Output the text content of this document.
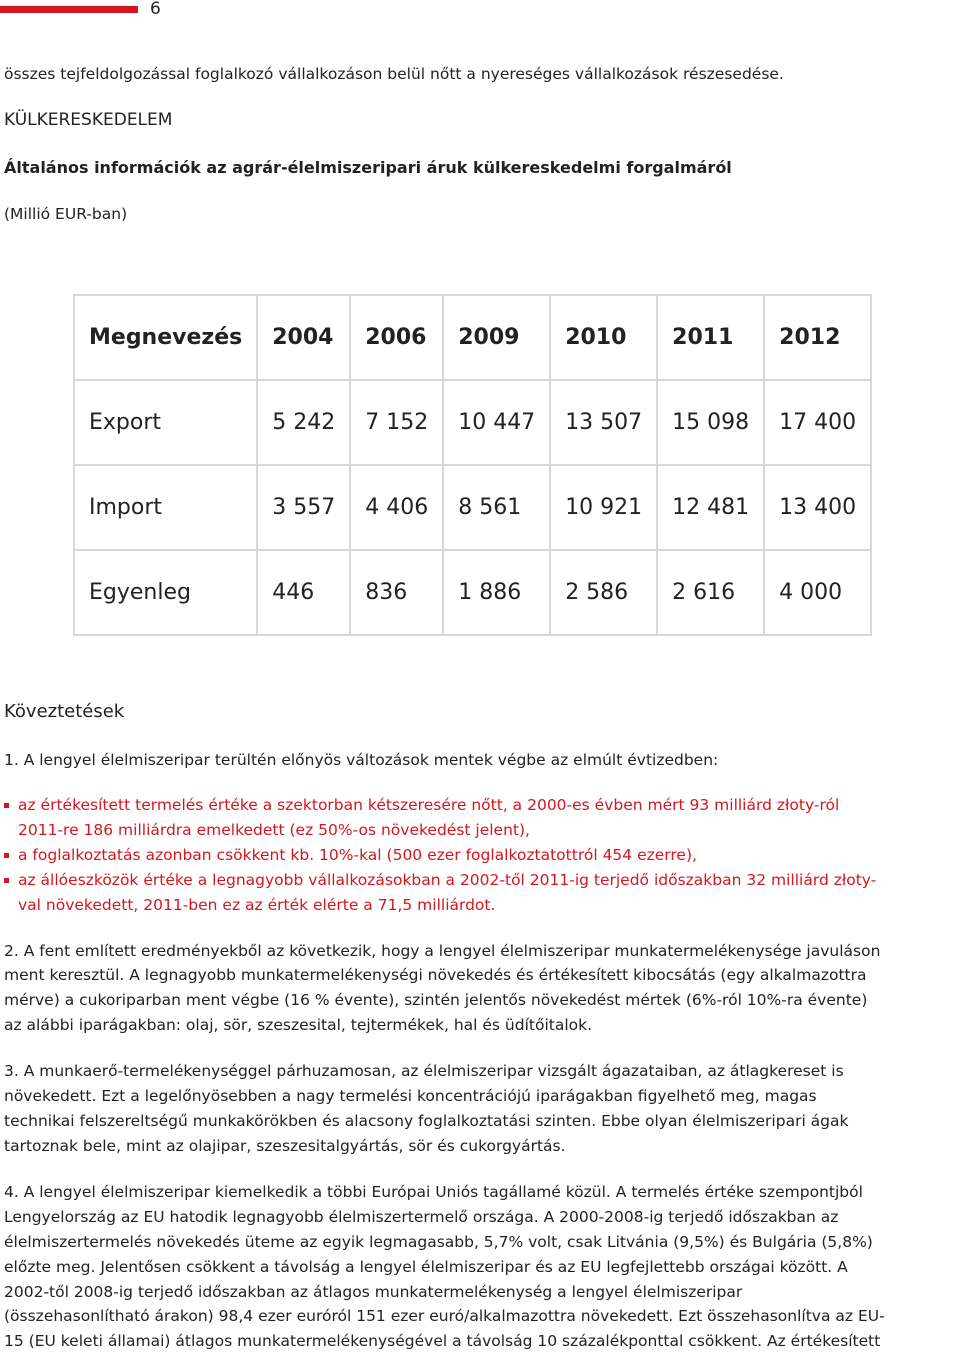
6
összes tejfeldolgozással foglalkozó vállalkozáson belül nőtt a nyereséges vállalkozások részesedése.
KÜLKERESKEDELEM
Általános információk az agrár-élelmiszeripari áruk külkereskedelmi forgalmáról
(Millió EUR-ban)
Megnevezés	2004	2006	2009	2010	2011	2012
Export	5 242	7 152	10 447	13 507	15 098	17 400
Import	3 557	4 406	8 561	10 921	12 481	13 400
Egyenleg	446	836	1 886	2 586	2 616	4 000
Köveztetések
1. A lengyel élelmiszeripar terültén előnyös változások mentek végbe az elmúlt évtizedben:
az értékesített termelés értéke a szektorban kétszeresére nőtt, a 2000-es évben mért 93 milliárd złoty-ról
2011-re 186 milliárdra emelkedett (ez 50%-os növekedést jelent),
a foglalkoztatás azonban csökkent kb. 10%-kal (500 ezer foglalkoztatottról 454 ezerre),
az állóeszközök értéke a legnagyobb vállalkozásokban a 2002-től 2011-ig terjedő időszakban 32 milliárd złoty-
val növekedett, 2011-ben ez az érték elérte a 71,5 milliárdot.
2. A fent említett eredményekből az következik, hogy a lengyel élelmiszeripar munkatermelékenysége javuláson
ment keresztül. A legnagyobb munkatermelékenységi növekedés és értékesített kibocsátás (egy alkalmazottra
mérve) a cukoriparban ment végbe (16 % évente), szintén jelentős növekedést mértek (6%-ról 10%-ra évente)
az alábbi iparágakban: olaj, sör, szeszesital, tejtermékek, hal és üdítőitalok.
3. A munkaerő-termelékenységgel párhuzamosan, az élelmiszeripar vizsgált ágazataiban, az átlagkereset is
növekedett. Ezt a legelőnyösebben a nagy termelési koncentrációjú iparágakban figyelhető meg, magas
technikai felszereltségű munkakörökben és alacsony foglalkoztatási szinten. Ebbe olyan élelmiszeripari ágak
tartoznak bele, mint az olajipar, szeszesitalgyártás, sör és cukorgyártás.
4. A lengyel élelmiszeripar kiemelkedik a többi Európai Uniós tagállamé közül. A termelés értéke szempontjból
Lengyelország az EU hatodik legnagyobb élelmiszertermelő országa. A 2000-2008-ig terjedő időszakban az
élelmiszertermelés növekedés üteme az egyik legmagasabb, 5,7% volt, csak Litvánia (9,5%) és Bulgária (5,8%)
előzte meg. Jelentősen csökkent a távolság a lengyel élelmiszeripar és az EU legfejlettebb országai között. A
2002-től 2008-ig terjedő időszakban az átlagos munkatermelékenység a lengyel élelmiszeripar
(összehasonlítható árakon) 98,4 ezer euróról 151 ezer euró/alkalmazottra növekedett. Ezt összehasonlítva az EU-
15 (EU keleti államai) átlagos munkatermelékenységével a távolság 10 százalékponttal csökkent. Az értékesített
